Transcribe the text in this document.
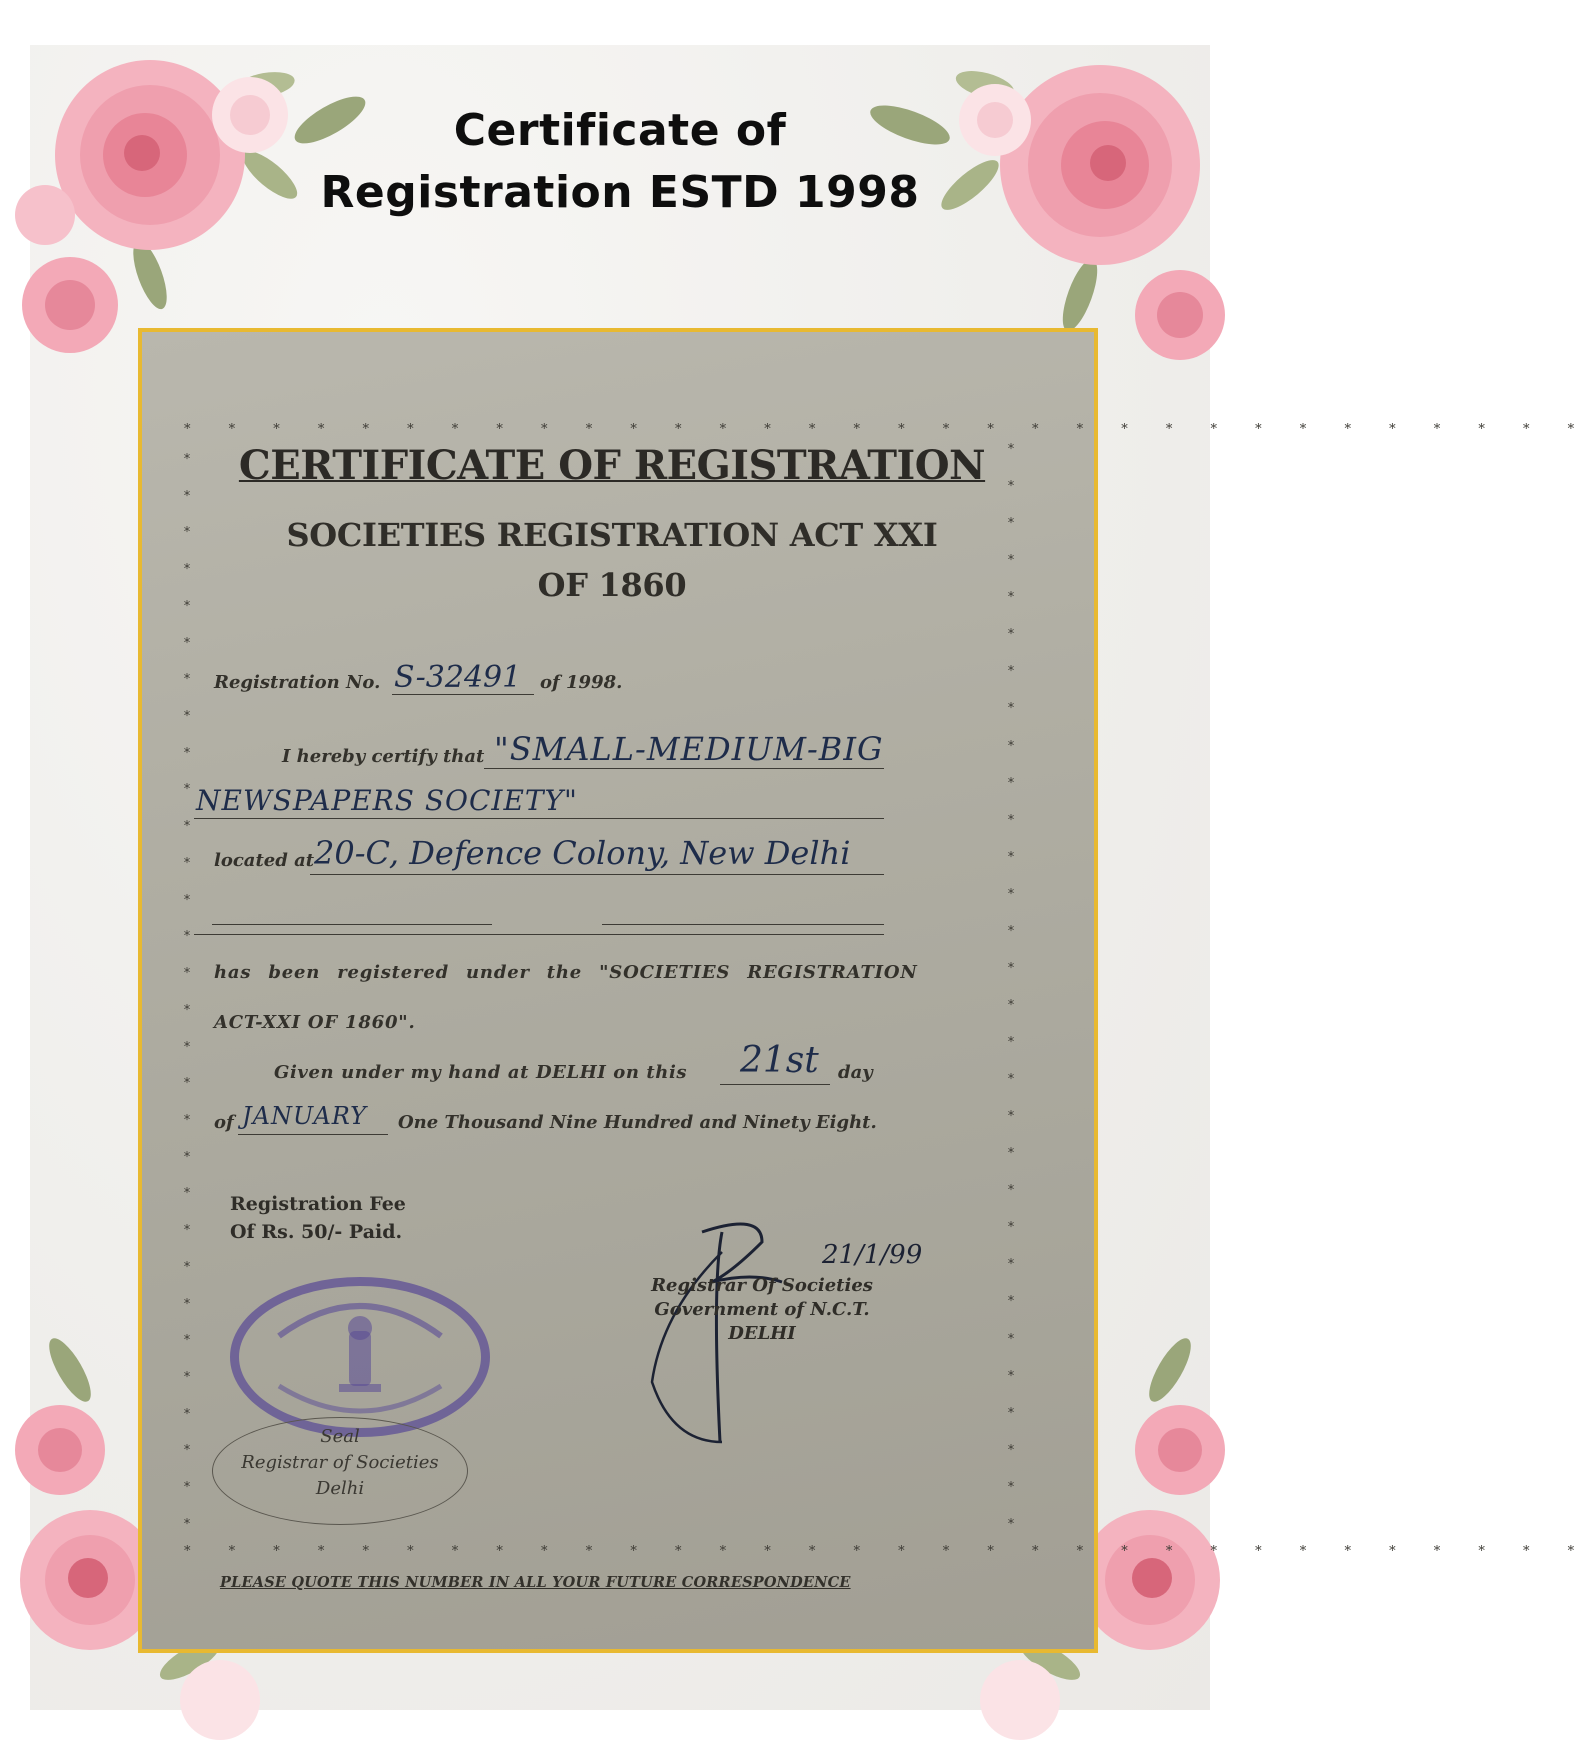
Certificate of
Registration ESTD 1998
* * * * * * * * * * * * * * * * * * * * * * * * * * * * * * * *
* * * * * * * * * * * * * * * * * * * * * * * * * * * * * * * *
*
*
*
*
*
*
*
*
*
*
*
*
*
*
*
*
*
*
*
*
*
*
*
*
*
*
*
*
*
*
*
*
*
*
*
*
*
*
*
*
*
*
*
*
*
*
*
*
*
*
*
*
*
*
*
*
*
*
*
*
CERTIFICATE OF REGISTRATION
SOCIETIES REGISTRATION ACT XXI
OF 1860
Registration No. S-32491 of 1998.
I hereby certify that "SMALL-MEDIUM-BIG
NEWSPAPERS SOCIETY"
located at 20-C, Defence Colony, New Delhi
has been registered under the "SOCIETIES REGISTRATION
ACT-XXI OF 1860".
Given under my hand at DELHI on this 21st day
of JANUARY One Thousand Nine Hundred and Ninety Eight.
Registration Fee
Of Rs. 50/- Paid.
Seal
Registrar of Societies
Delhi
21/1/99
Registrar Of Societies
Government of N.C.T.
DELHI
PLEASE QUOTE THIS NUMBER IN ALL YOUR FUTURE CORRESPONDENCE
